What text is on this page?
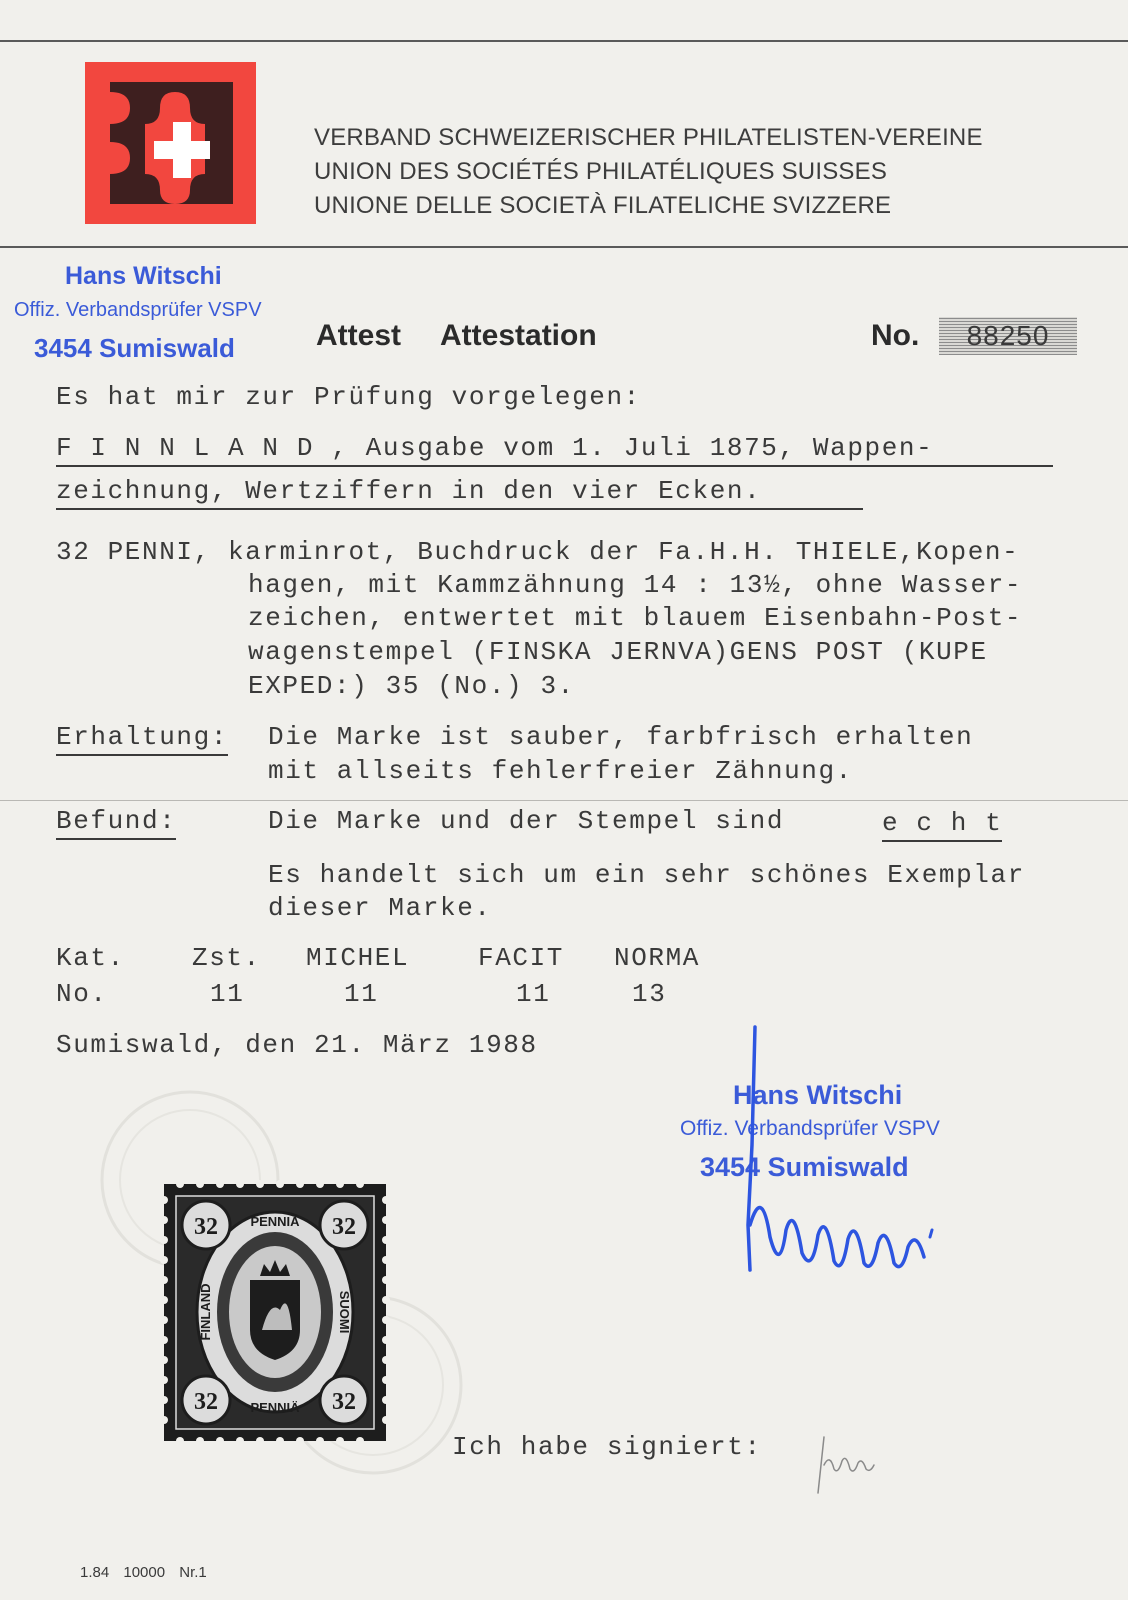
VERBAND SCHWEIZERISCHER PHILATELISTEN-VEREINE
UNION DES SOCIÉTÉS PHILATÉLIQUES SUISSES
UNIONE DELLE SOCIETÀ FILATELICHE SVIZZERE
Hans Witschi
Offiz. Verbandsprüfer VSPV
3454 Sumiswald	Attest Attestation	No.	88250
Es hat mir zur Prüfung vorgelegen:
F I N N L A N D , Ausgabe vom 1. Juli 1875, Wappen-
zeichnung, Wertziffern in den vier Ecken.
32 PENNI, karminrot, Buchdruck der Fa.H.H. THIELE,Kopen-
hagen, mit Kammzähnung 14 : 13½, ohne Wasser-
zeichen, entwertet mit blauem Eisenbahn-Post-
wagenstempel (FINSKA JERNVA)GENS POST (KUPE
EXPED:) 35 (No.) 3.
Erhaltung: Die Marke ist sauber, farbfrisch erhalten
mit allseits fehlerfreier Zähnung.
Befund:	Die Marke und der Stempel sind	e c h t
Es handelt sich um ein sehr schönes Exemplar
dieser Marke.
Kat.	Zst. MICHEL	FACIT NORMA
No.	11	11	11	13
Sumiswald, den 21. März 1988
Hans Witschi
Offiz. Verbandsprüfer VSPV
3454 Sumiswald
32	32
32	32
PENNIÄ
PENNIÄ
FINLAND	SUOMI
Ich habe signiert:
1.84 10000 Nr.1
